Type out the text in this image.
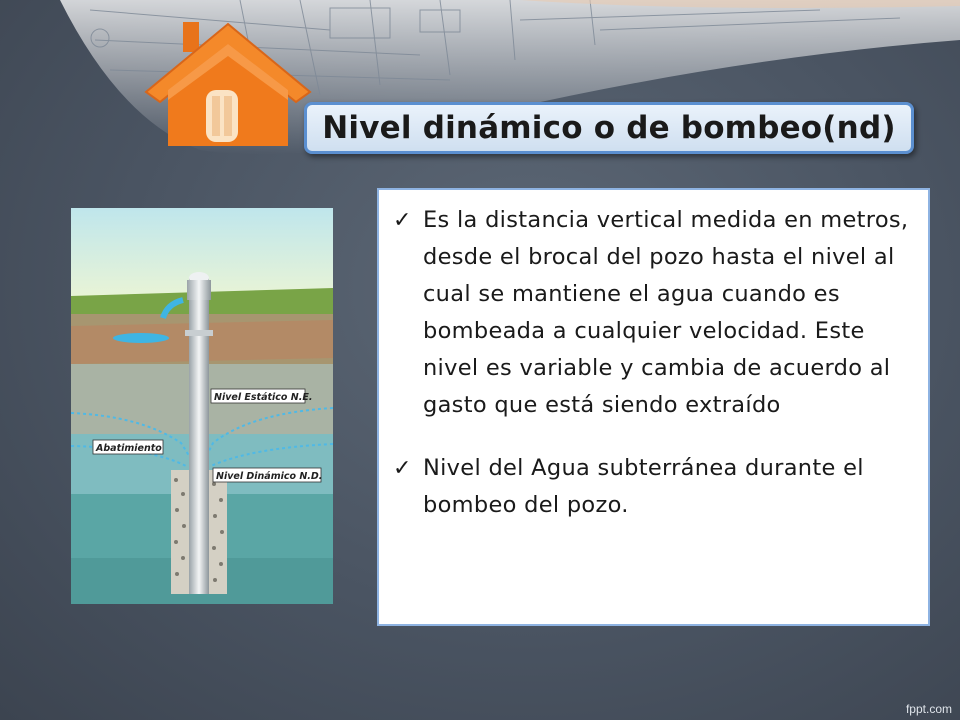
Nivel dinámico o de bombeo(nd)
Nivel Estático N.E.
Abatimiento
Nivel Dinámico N.D.
✓ Es la distancia vertical medida en metros, desde el brocal del pozo hasta el nivel al cual se mantiene el agua cuando es bombeada a cualquier velocidad. Este nivel es variable y cambia de acuerdo al gasto que está siendo extraído
✓ Nivel del Agua subterránea durante el bombeo del pozo.
fppt.com
